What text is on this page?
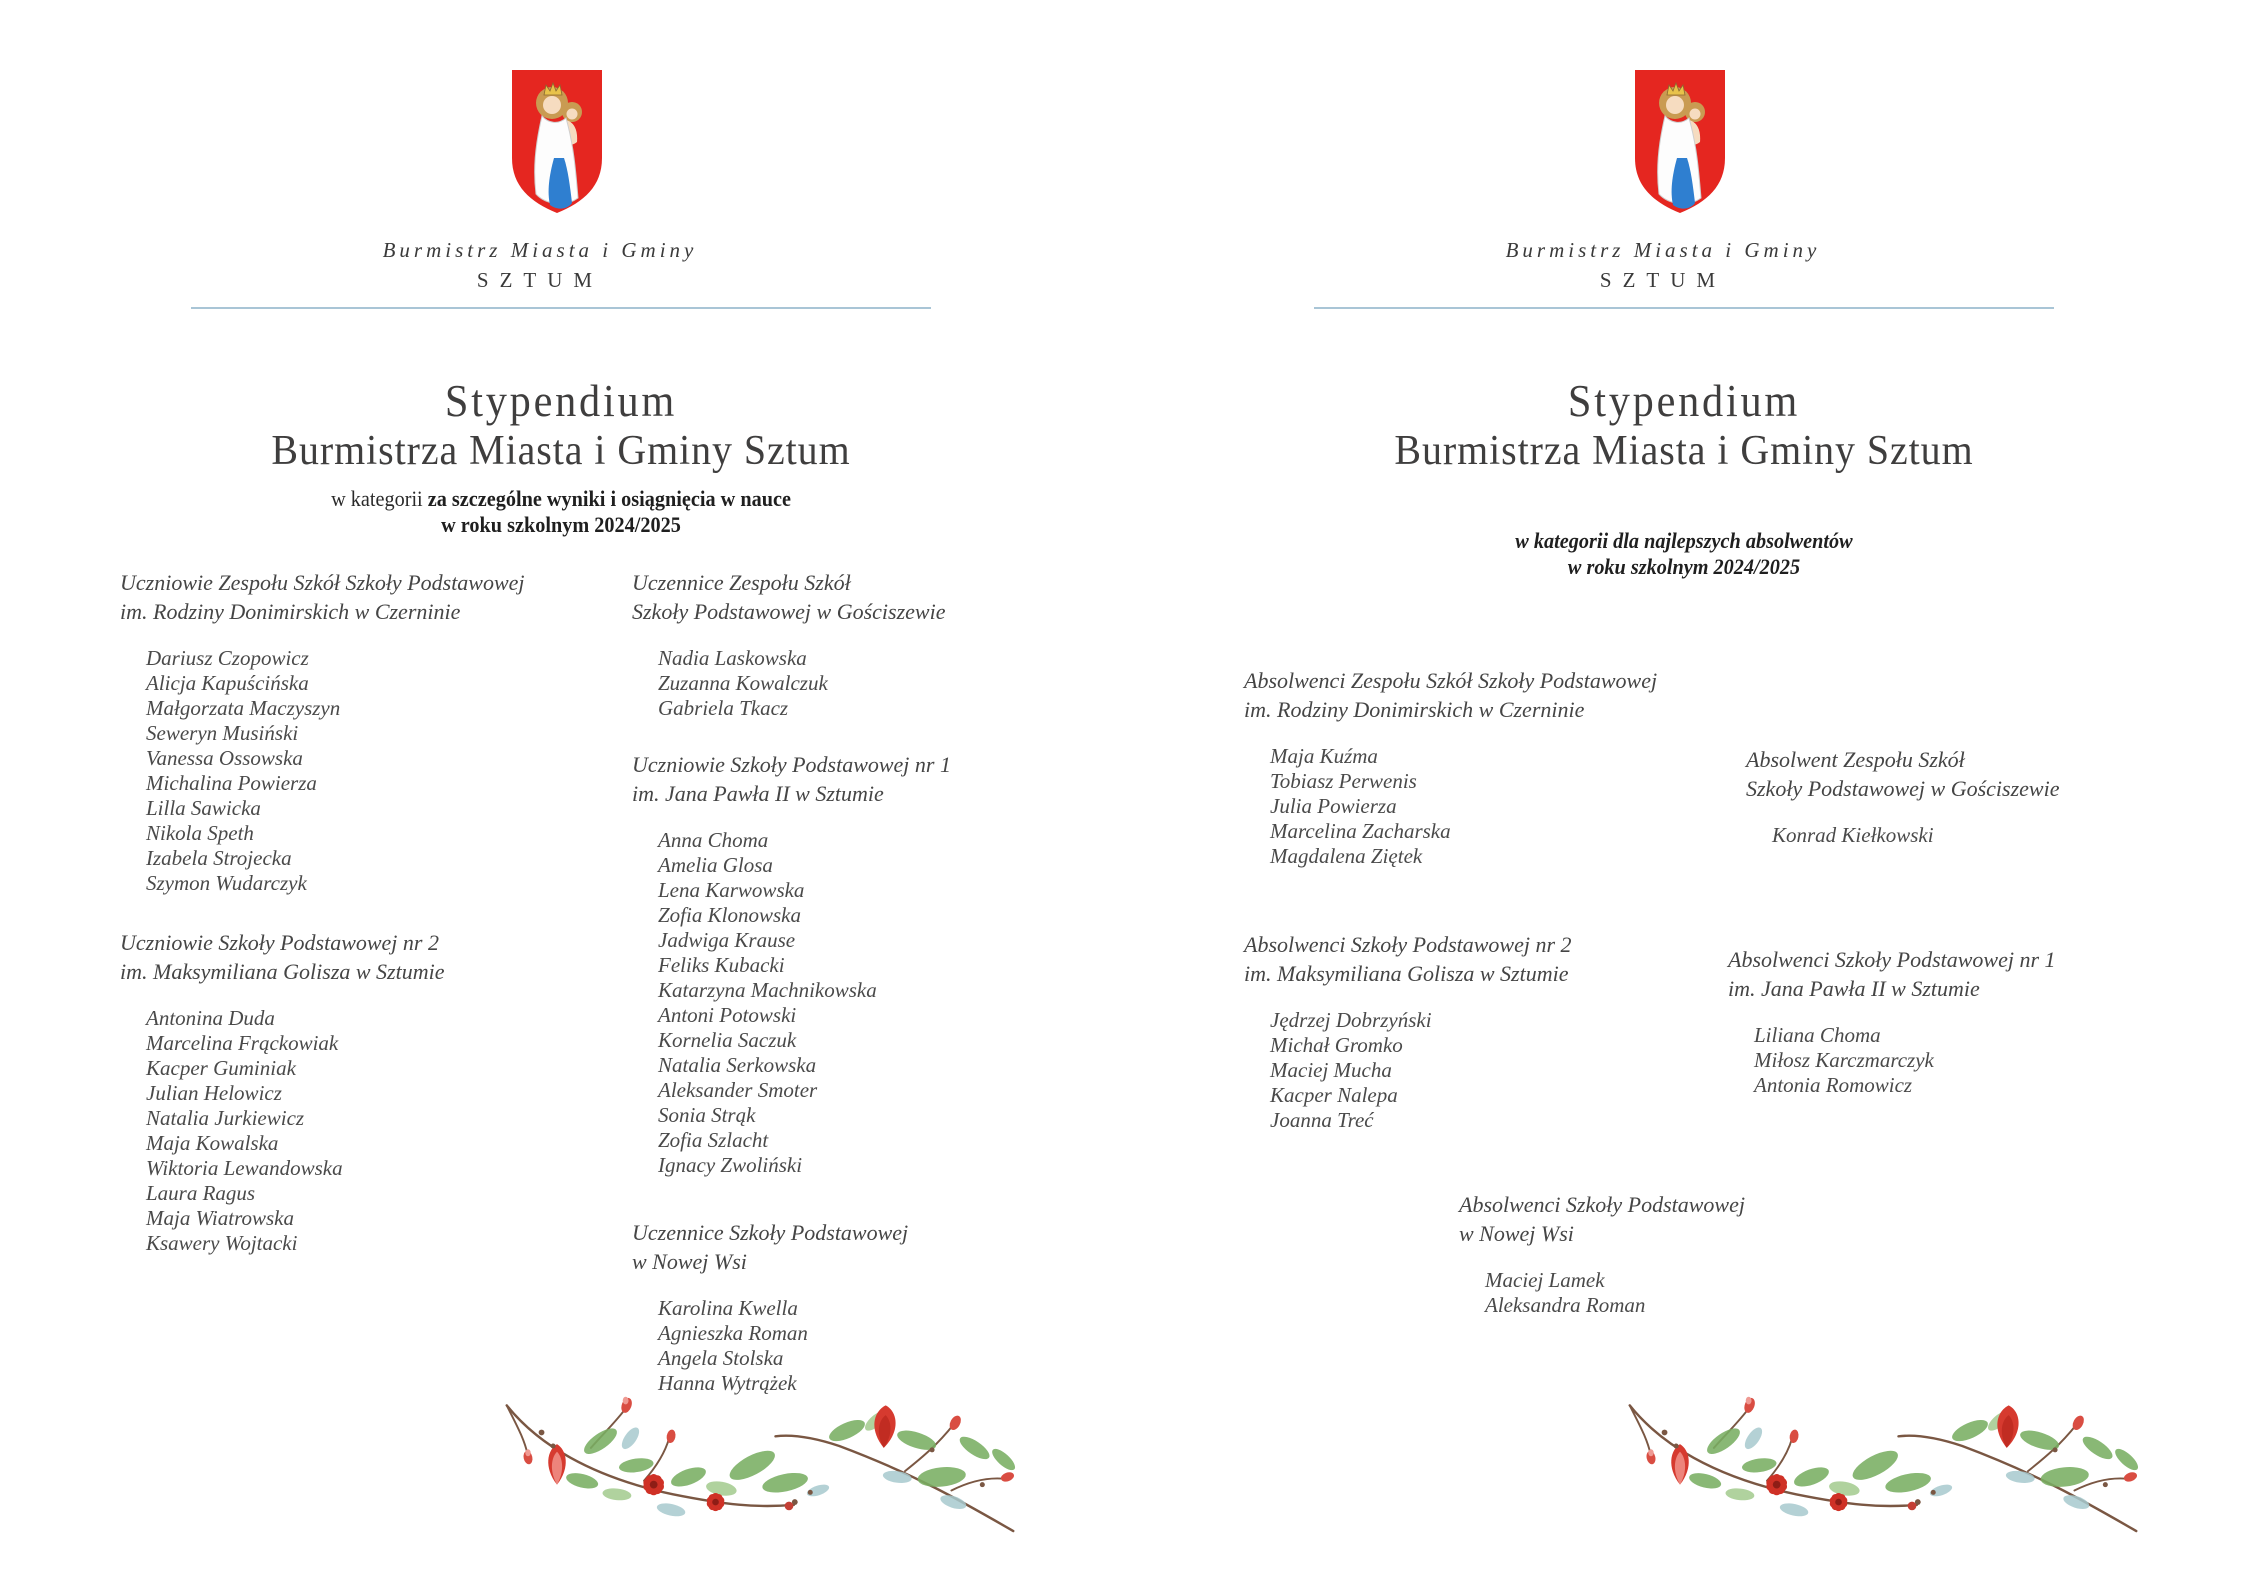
Burmistrz Miasta i Gminy
SZTUM
Stypendium
Burmistrza Miasta i Gminy Sztum
w kategorii za szczególne wyniki i osiągnięcia w nauce
w roku szkolnym 2024/2025
Uczniowie Zespołu Szkół Szkoły Podstawowej
im. Rodziny Donimirskich w Czerninie
Dariusz Czopowicz
Alicja Kapuścińska
Małgorzata Maczyszyn
Seweryn Musiński
Vanessa Ossowska
Michalina Powierza
Lilla Sawicka
Nikola Speth
Izabela Strojecka
Szymon Wudarczyk
Uczniowie Szkoły Podstawowej nr 2
im. Maksymiliana Golisza w Sztumie
Antonina Duda
Marcelina Frąckowiak
Kacper Guminiak
Julian Helowicz
Natalia Jurkiewicz
Maja Kowalska
Wiktoria Lewandowska
Laura Ragus
Maja Wiatrowska
Ksawery Wojtacki
Uczennice Zespołu Szkół
Szkoły Podstawowej w Gościszewie
Nadia Laskowska
Zuzanna Kowalczuk
Gabriela Tkacz
Uczniowie Szkoły Podstawowej nr 1
im. Jana Pawła II w Sztumie
Anna Choma
Amelia Glosa
Lena Karwowska
Zofia Klonowska
Jadwiga Krause
Feliks Kubacki
Katarzyna Machnikowska
Antoni Potowski
Kornelia Saczuk
Natalia Serkowska
Aleksander Smoter
Sonia Strąk
Zofia Szlacht
Ignacy Zwoliński
Uczennice Szkoły Podstawowej
w Nowej Wsi
Karolina Kwella
Agnieszka Roman
Angela Stolska
Hanna Wytrążek
Burmistrz Miasta i Gminy
SZTUM
Stypendium
Burmistrza Miasta i Gminy Sztum
w kategorii dla najlepszych absolwentów
w roku szkolnym 2024/2025
Absolwenci Zespołu Szkół Szkoły Podstawowej
im. Rodziny Donimirskich w Czerninie
Maja Kuźma
Tobiasz Perwenis
Julia Powierza
Marcelina Zacharska
Magdalena Ziętek
Absolwent Zespołu Szkół
Szkoły Podstawowej w Gościszewie
Konrad Kiełkowski
Absolwenci Szkoły Podstawowej nr 2
im. Maksymiliana Golisza w Sztumie
Jędrzej Dobrzyński
Michał Gromko
Maciej Mucha
Kacper Nalepa
Joanna Treć
Absolwenci Szkoły Podstawowej nr 1
im. Jana Pawła II w Sztumie
Liliana Choma
Miłosz Karczmarczyk
Antonia Romowicz
Absolwenci Szkoły Podstawowej
w Nowej Wsi
Maciej Lamek
Aleksandra Roman
